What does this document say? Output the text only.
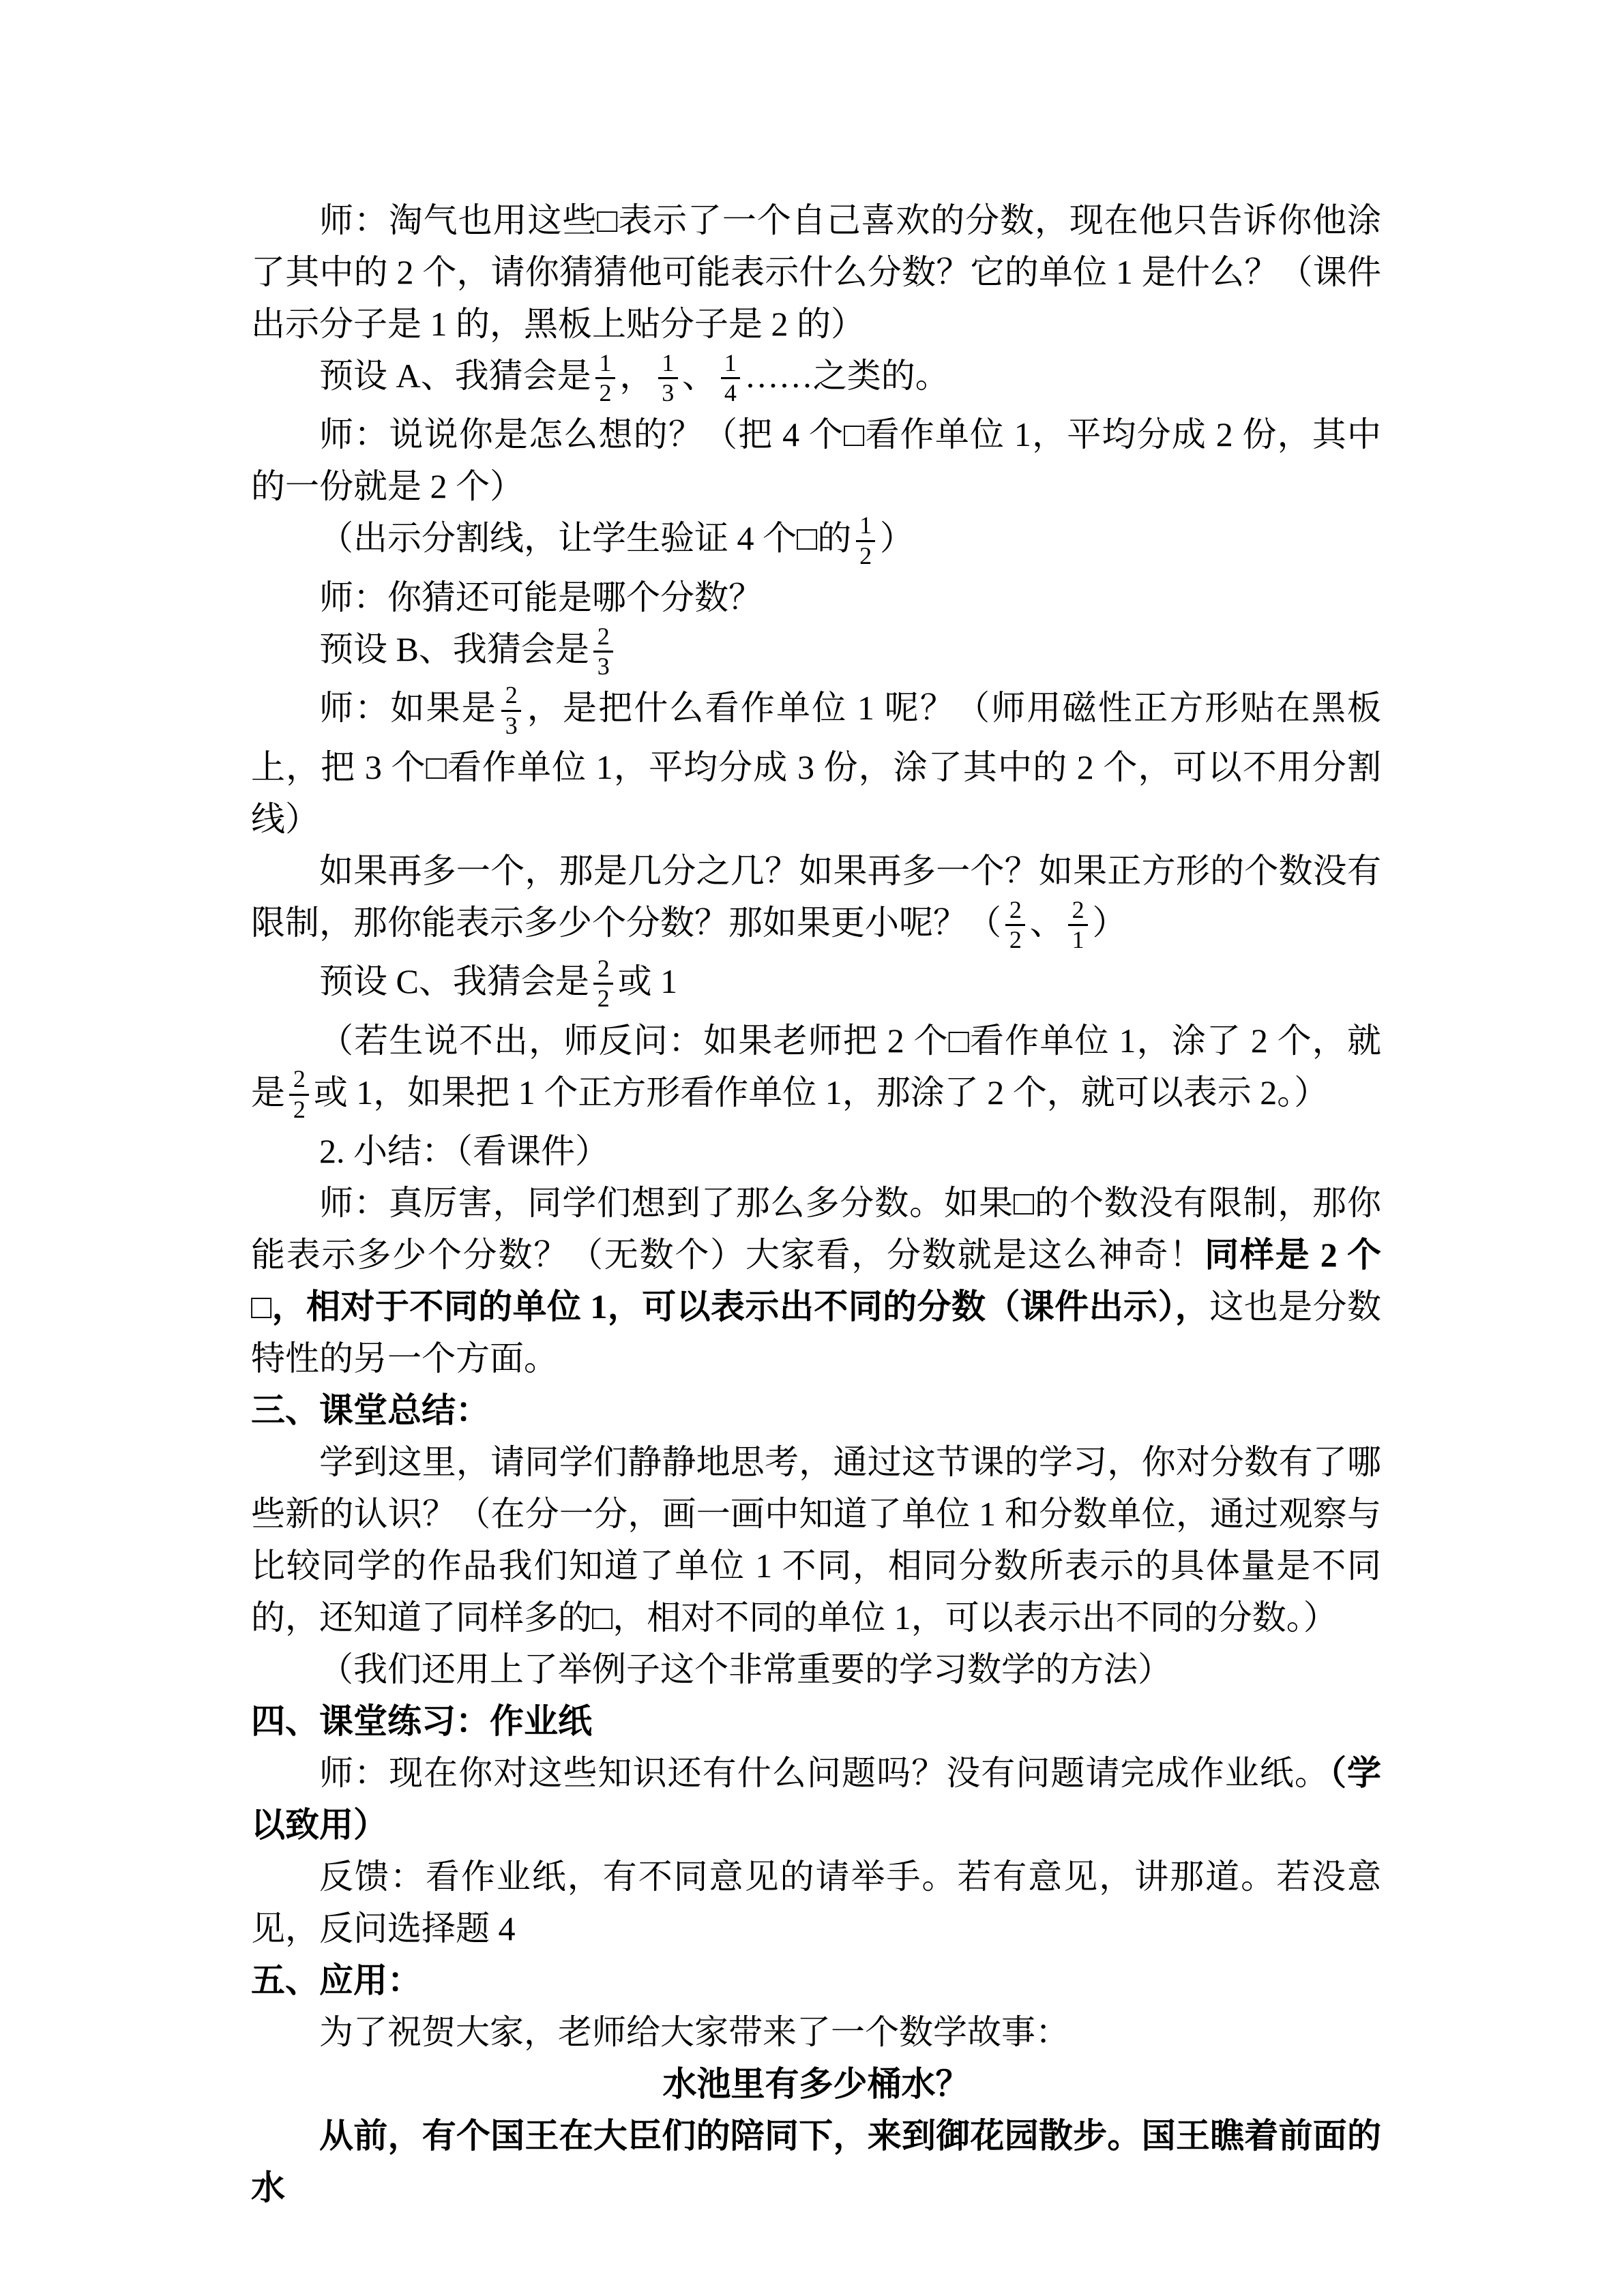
师：淘气也用这些□表示了一个自己喜欢的分数，现在他只告诉你他涂了其中的 2 个，请你猜猜他可能表示什么分数？它的单位 1 是什么？（课件出示分子是 1 的，黑板上贴分子是 2 的）

预设 A、我猜会是 $\frac{1}{2}$ ， $\frac{1}{3}$ 、 $\frac{1}{4}$ ……之类的。

师：说说你是怎么想的？（把 4 个□看作单位 1，平均分成 2 份，其中的一份就是 2 个）

（出示分割线，让学生验证 4 个□的 $\frac{1}{2}$ ）

师：你猜还可能是哪个分数？

预设 B、我猜会是 $\frac{2}{3}$

师：如果是 $\frac{2}{3}$ ，是把什么看作单位 1 呢？（师用磁性正方形贴在黑板上，把 3 个□看作单位 1，平均分成 3 份，涂了其中的 2 个，可以不用分割线）

如果再多一个，那是几分之几？如果再多一个？如果正方形的个数没有限制，那你能表示多少个分数？那如果更小呢？（ $\frac{2}{2}$ 、 $\frac{2}{1}$ ）

预设 C、我猜会是 $\frac{2}{2}$ 或 1

（若生说不出，师反问：如果老师把 2 个□看作单位 1，涂了 2 个，就是 $\frac{2}{2}$ 或 1，如果把 1 个正方形看作单位 1，那涂了 2 个，就可以表示 2。）

2. 小结：（看课件）

师：真厉害，同学们想到了那么多分数。如果□的个数没有限制，那你能表示多少个分数？（无数个）大家看，分数就是这么神奇！同样是 2 个□，相对于不同的单位 1，可以表示出不同的分数（课件出示），这也是分数特性的另一个方面。

三、课堂总结：

学到这里，请同学们静静地思考，通过这节课的学习，你对分数有了哪些新的认识？（在分一分，画一画中知道了单位 1 和分数单位，通过观察与比较同学的作品我们知道了单位 1 不同，相同分数所表示的具体量是不同的，还知道了同样多的□，相对不同的单位 1，可以表示出不同的分数。）

（我们还用上了举例子这个非常重要的学习数学的方法）

四、课堂练习：作业纸

师：现在你对这些知识还有什么问题吗？没有问题请完成作业纸。（学以致用）

反馈：看作业纸，有不同意见的请举手。若有意见，讲那道。若没意见，反问选择题 4

五、应用：

为了祝贺大家，老师给大家带来了一个数学故事：

水池里有多少桶水？

从前，有个国王在大臣们的陪同下，来到御花园散步。国王瞧着前面的水
